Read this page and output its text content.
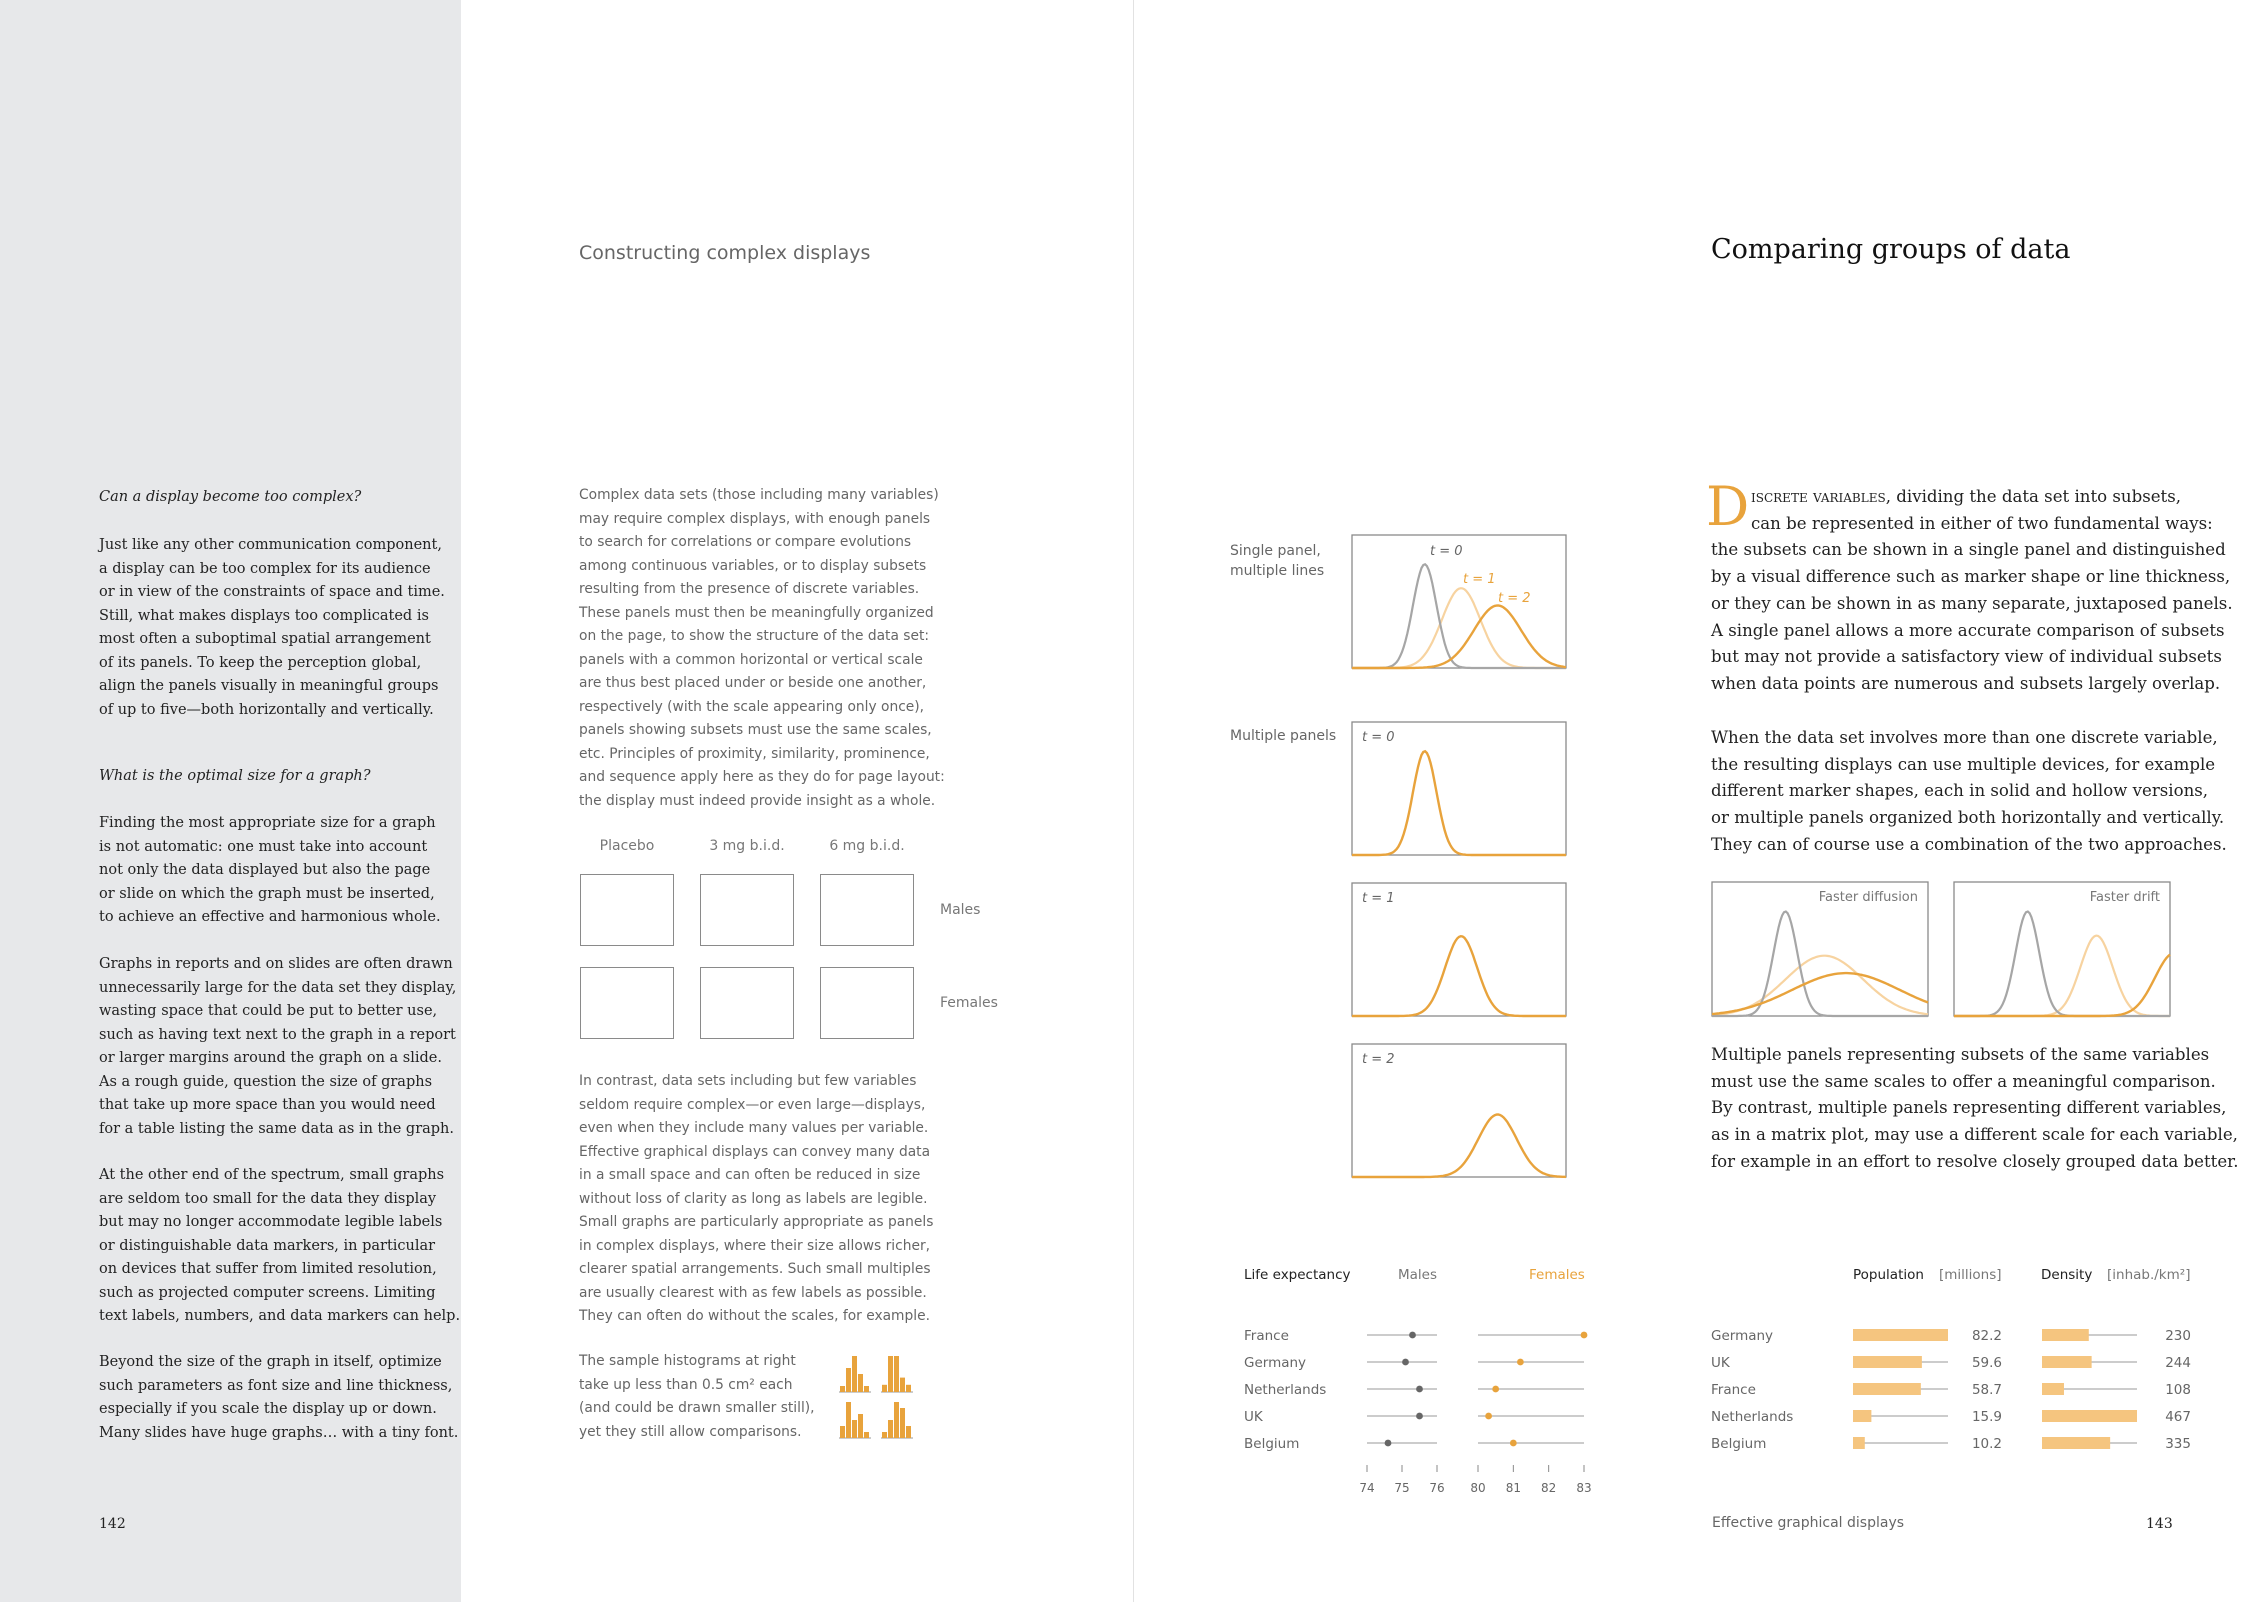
Can a display become too complex?

Just like any other communication component,
a display can be too complex for its audience
or in view of the constraints of space and time.
Still, what makes displays too complicated is
most often a suboptimal spatial arrangement
of its panels. To keep the perception global,
align the panels visually in meaningful groups
of up to five—both horizontally and vertically.

What is the optimal size for a graph?

Finding the most appropriate size for a graph
is not automatic: one must take into account
not only the data displayed but also the page
or slide on which the graph must be inserted,
to achieve an effective and harmonious whole.

Graphs in reports and on slides are often drawn
unnecessarily large for the data set they display,
wasting space that could be put to better use,
such as having text next to the graph in a report
or larger margins around the graph on a slide.
As a rough guide, question the size of graphs
that take up more space than you would need
for a table listing the same data as in the graph.

At the other end of the spectrum, small graphs
are seldom too small for the data they display
but may no longer accommodate legible labels
or distinguishable data markers, in particular
on devices that suffer from limited resolution,
such as projected computer screens. Limiting
text labels, numbers, and data markers can help.

Beyond the size of the graph in itself, optimize
such parameters as font size and line thickness,
especially if you scale the display up or down.
Many slides have huge graphs… with a tiny font.

142
Constructing complex displays

Complex data sets (those including many variables)
may require complex displays, with enough panels
to search for correlations or compare evolutions
among continuous variables, or to display subsets
resulting from the presence of discrete variables.
These panels must then be meaningfully organized
on the page, to show the structure of the data set:
panels with a common horizontal or vertical scale
are thus best placed under or beside one another,
respectively (with the scale appearing only once),
panels showing subsets must use the same scales,
etc. Principles of proximity, similarity, prominence,
and sequence apply here as they do for page layout:
the display must indeed provide insight as a whole.

Placebo	3 mg b.i.d.	6 mg b.i.d.
Males
Females

In contrast, data sets including but few variables
seldom require complex—or even large—displays,
even when they include many values per variable.
Effective graphical displays can convey many data
in a small space and can often be reduced in size
without loss of clarity as long as labels are legible.
Small graphs are particularly appropriate as panels
in complex displays, where their size allows richer,
clearer spatial arrangements. Such small multiples
are usually clearest with as few labels as possible.
They can often do without the scales, for example.

The sample histograms at right
take up less than 0.5 cm² each
(and could be drawn smaller still),
yet they still allow comparisons.

Single panel,
multiple lines
Multiple panels
t = 0
t = 1
t = 2
t = 0
t = 1
t = 2
Life expectancy	Males	Females
France
Germany
Netherlands
UK
Belgium
74 75 76 80 81 82 83
Comparing groups of data
D iscrete variables, dividing the data set into subsets,
can be represented in either of two fundamental ways:
the subsets can be shown in a single panel and distinguished
by a visual difference such as marker shape or line thickness,
or they can be shown in as many separate, juxtaposed panels.
A single panel allows a more accurate comparison of subsets
but may not provide a satisfactory view of individual subsets
when data points are numerous and subsets largely overlap.

When the data set involves more than one discrete variable,
the resulting displays can use multiple devices, for example
different marker shapes, each in solid and hollow versions,
or multiple panels organized both horizontally and vertically.
They can of course use a combination of the two approaches.

Faster diffusion	Faster drift

Multiple panels representing subsets of the same variables
must use the same scales to offer a meaningful comparison.
By contrast, multiple panels representing different variables,
as in a matrix plot, may use a different scale for each variable,
for example in an effort to resolve closely grouped data better.

Population [millions]	Density [inhab./km²]
Germany	82.2	230
UK	59.6	244
France	58.7	108
Netherlands	15.9	467
Belgium	10.2	335
Effective graphical displays	143
